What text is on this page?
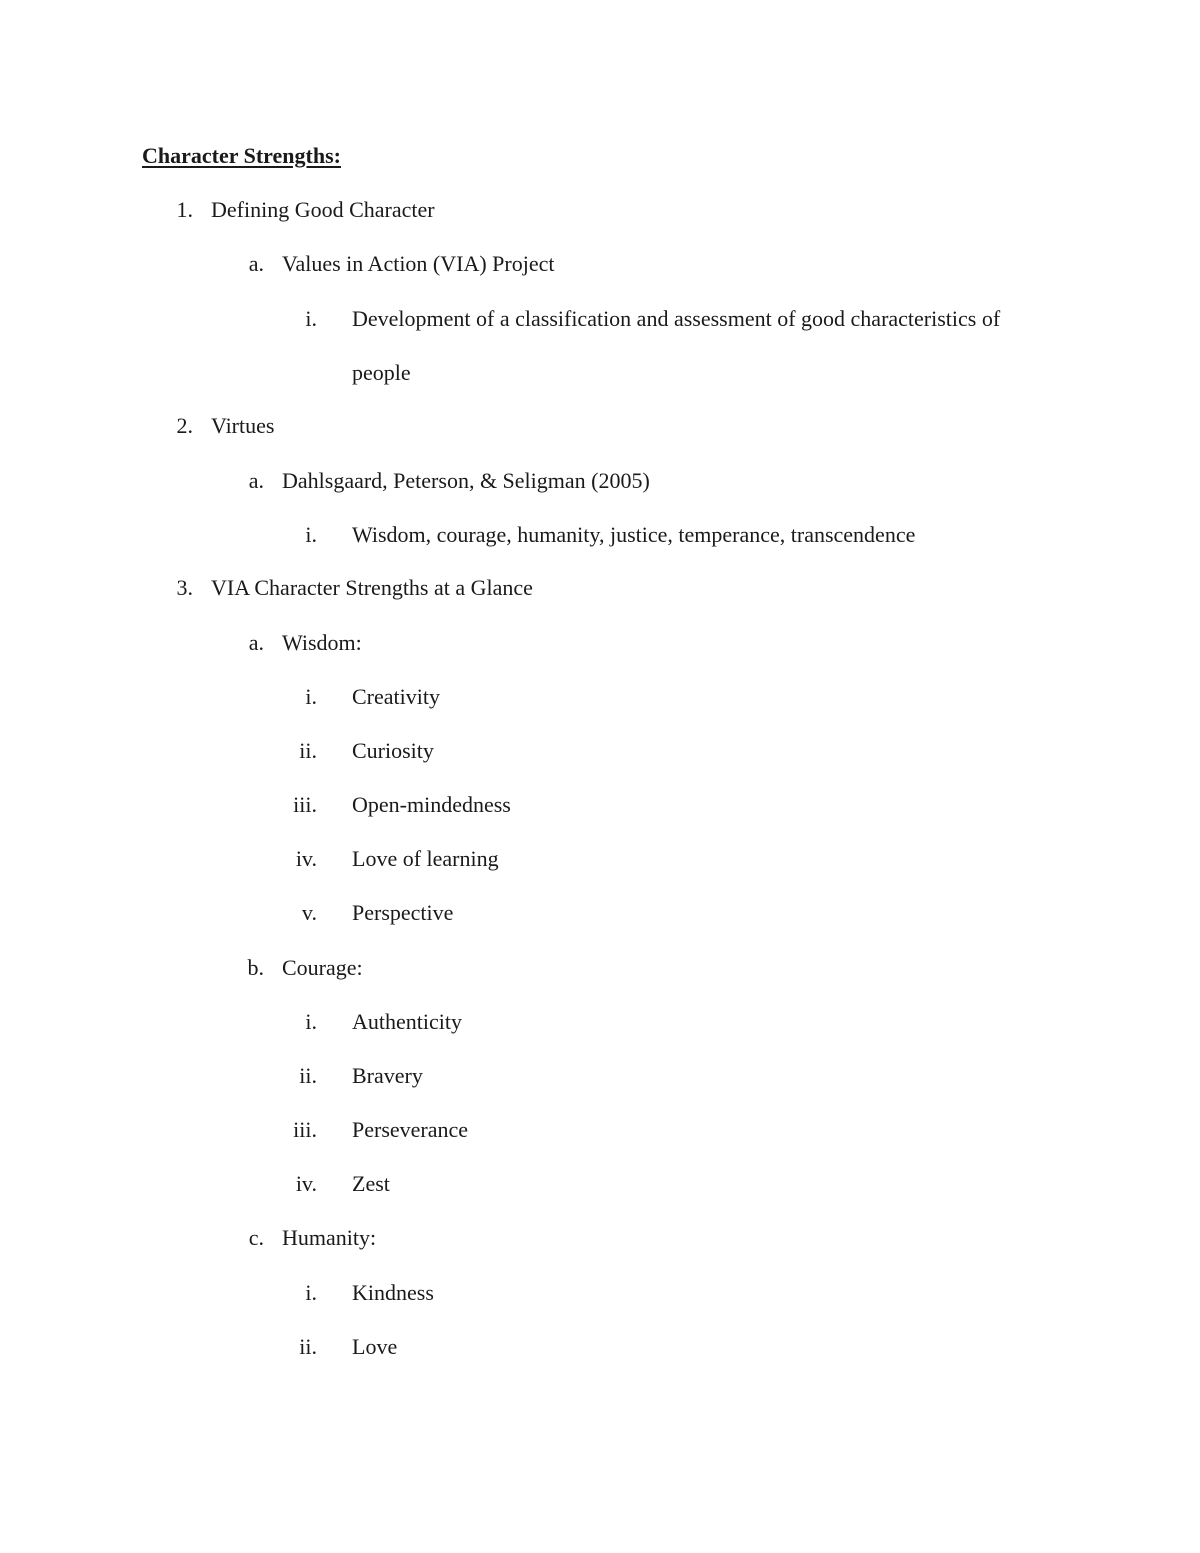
Character Strengths:
1. Defining Good Character
a. Values in Action (VIA) Project
i. Development of a classification and assessment of good characteristics of
people
2. Virtues
a. Dahlsgaard, Peterson, & Seligman (2005)
i. Wisdom, courage, humanity, justice, temperance, transcendence
3. VIA Character Strengths at a Glance
a. Wisdom:
i. Creativity
ii. Curiosity
iii. Open-mindedness
iv. Love of learning
v. Perspective
b. Courage:
i. Authenticity
ii. Bravery
iii. Perseverance
iv. Zest
c. Humanity:
i. Kindness
ii. Love
